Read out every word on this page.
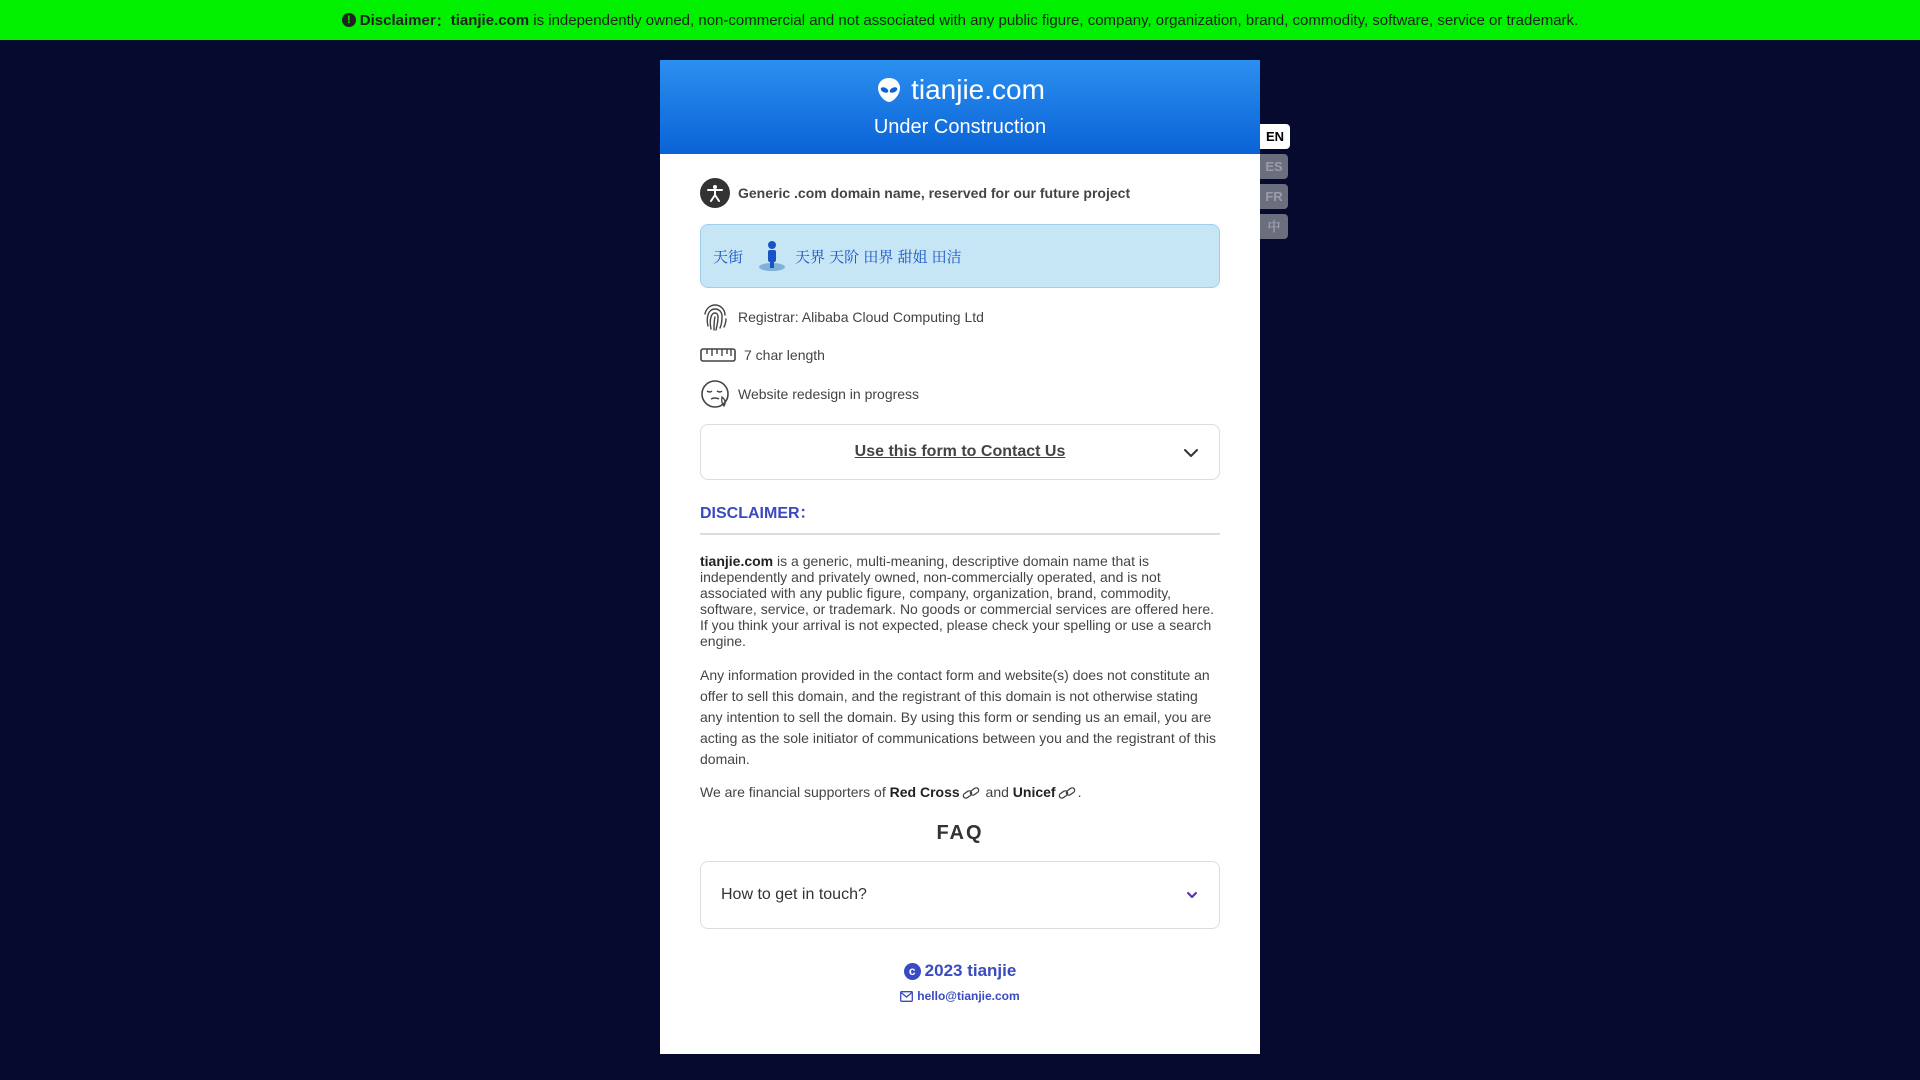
! Disclaimer ： tianjie.com is independently owned, non-commercial and not associated with any public figure, company, organization, brand, commodity, software, service or trademark.
tianjie.com
Under Construction
Generic .com domain name, reserved for our future project
天街	天界 天阶 田界 甜姐 田洁
Registrar: Alibaba Cloud Computing Ltd
7 char length
Website redesign in progress
Use this form to Contact Us
DISCLAIMER：

tianjie.com is a generic, multi-meaning, descriptive domain name that is independently and privately owned, non-commercially operated, and is not associated with any public figure, company, organization, brand, commodity, software, service, or trademark. No goods or commercial services are offered here. If you think your arrival is not expected, please check your spelling or use a search engine.

Any information provided in the contact form and website(s) does not constitute an offer to sell this domain, and the registrant of this domain is not otherwise stating any intention to sell the domain. By using this form or sending us an email, you are acting as the sole initiator of communications between you and the registrant of this domain.

We are financial supporters of Red Cross and Unicef .

FAQ
How to get in touch?
c 2023 tianjie
hello@tianjie.com
EN
ES
FR
中
